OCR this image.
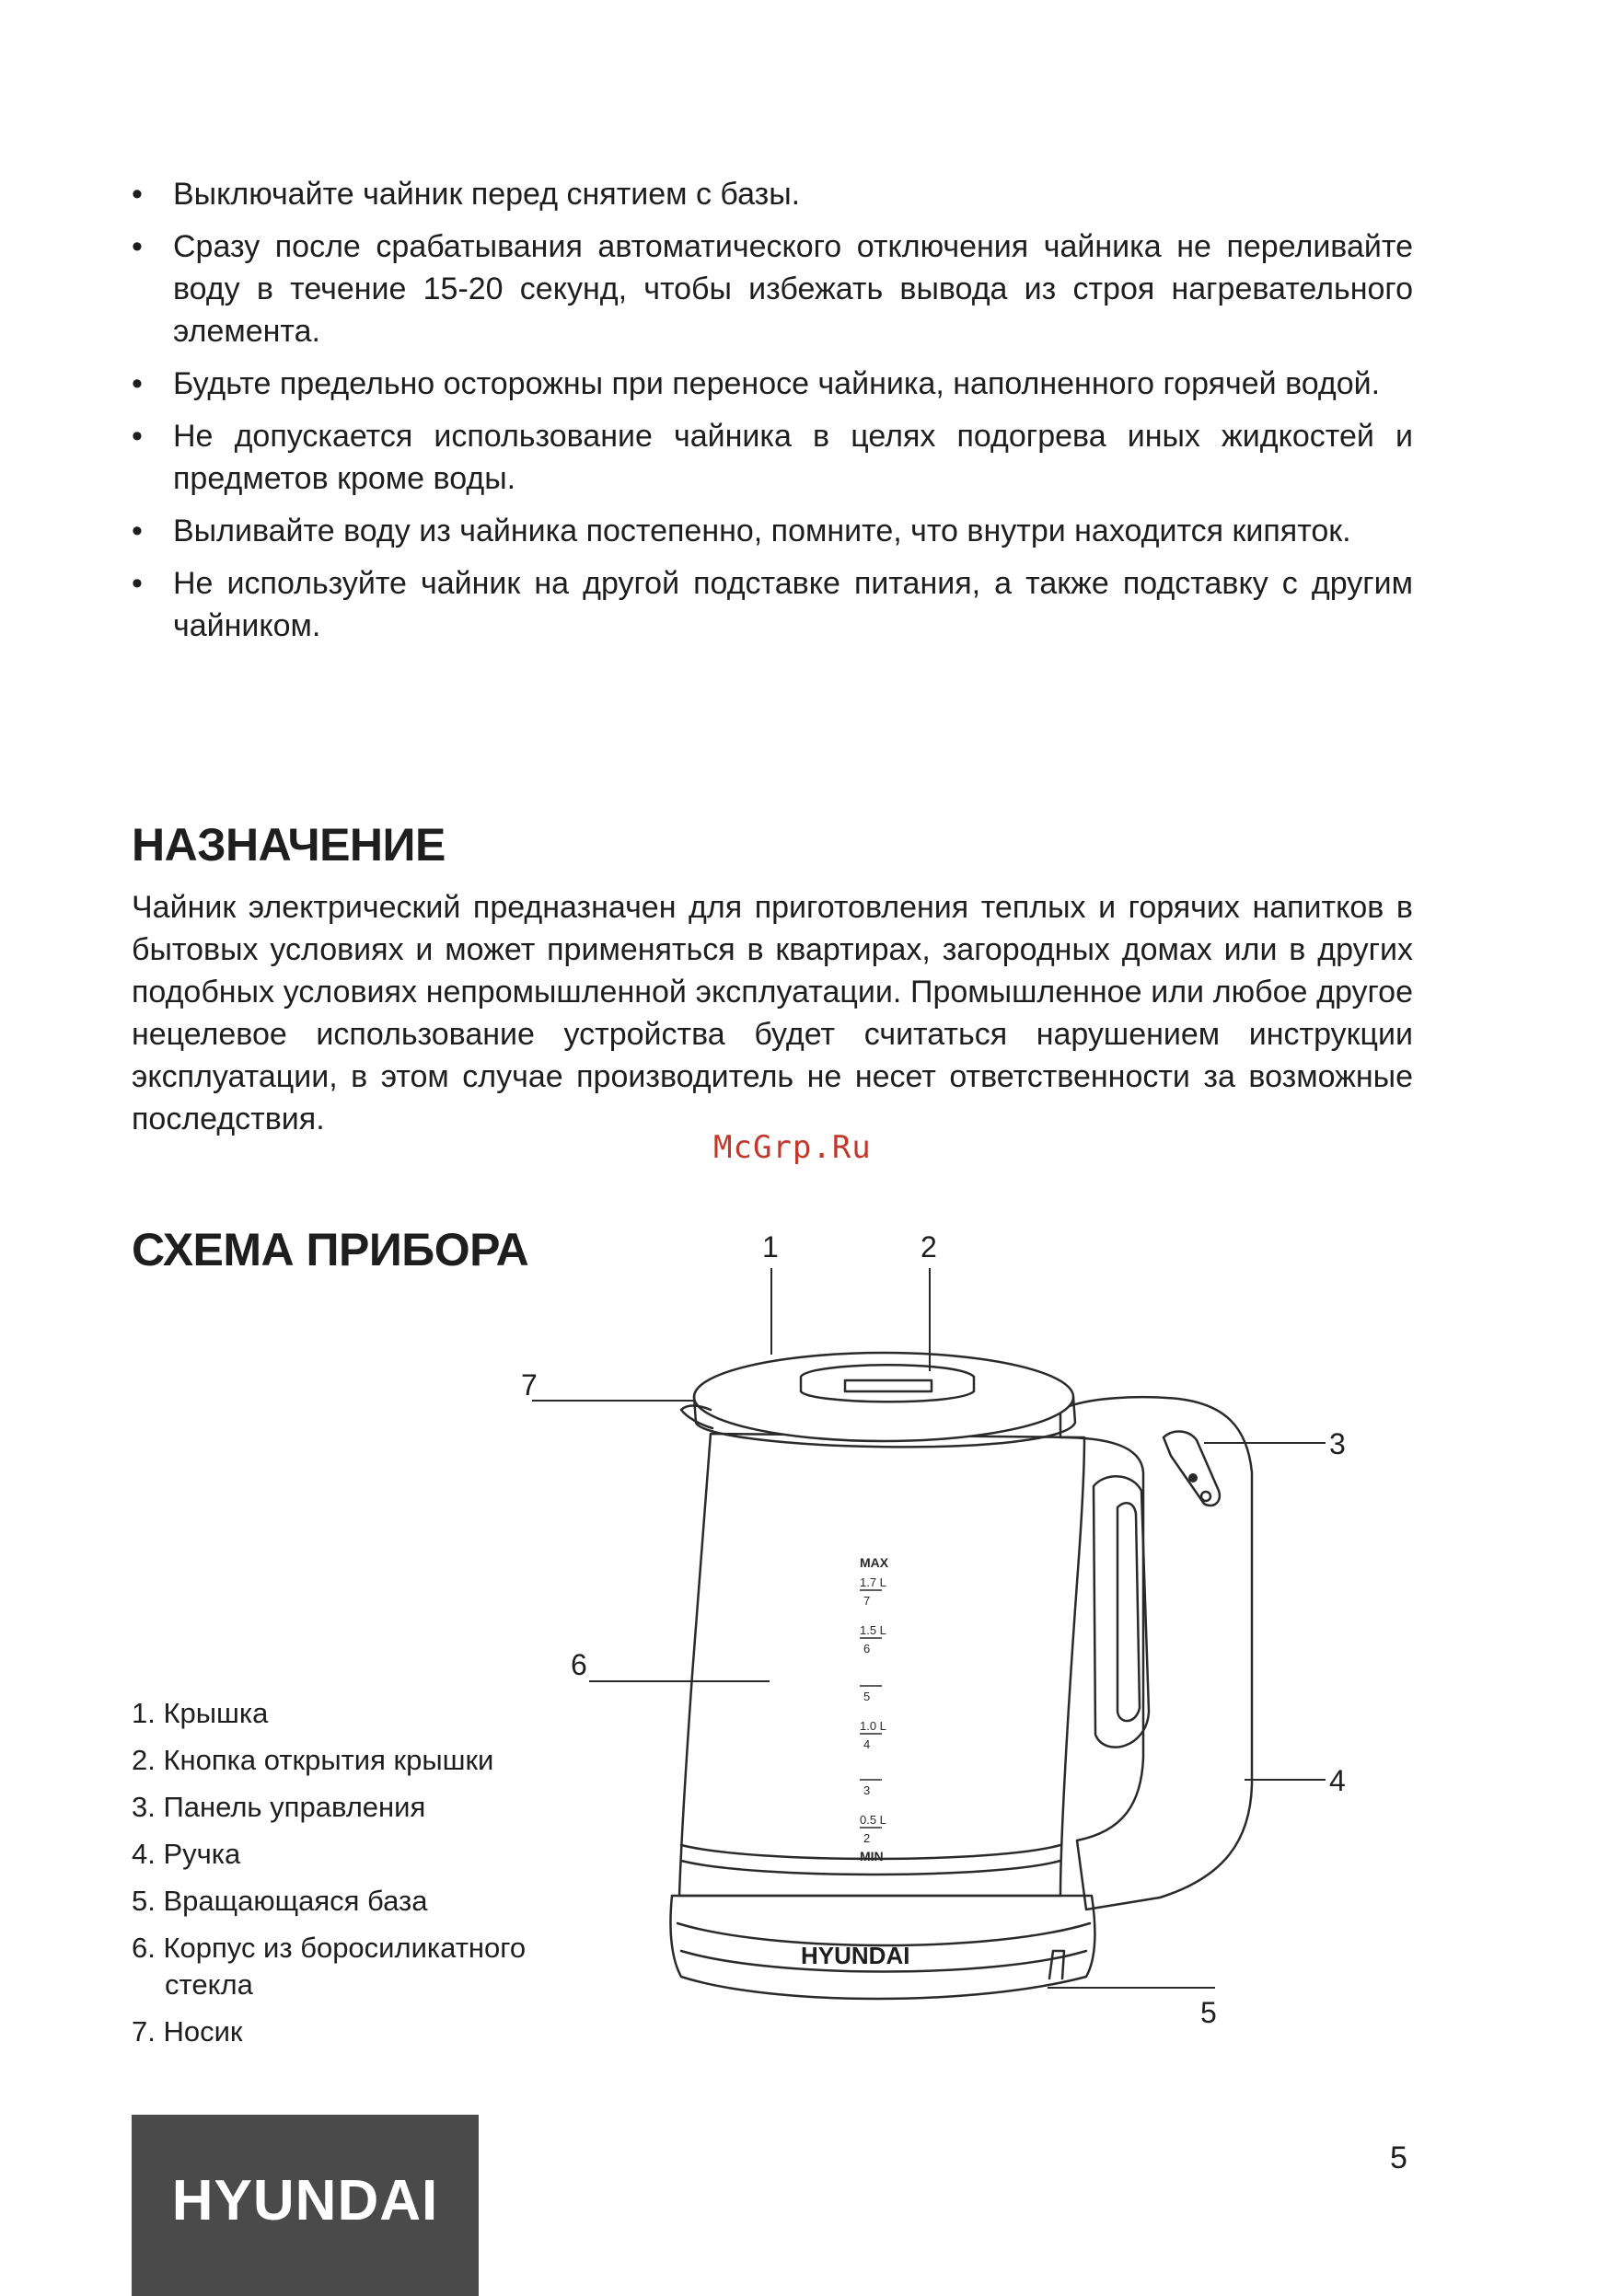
• Выключайте чайник перед снятием с базы.
• Сразу после срабатывания автоматического отключения чайника не переливайте воду в течение 15-20 секунд, чтобы избежать вывода из строя нагревательного элемента.
• Будьте предельно осторожны при переносе чайника, наполненного горячей водой.
• Не допускается использование чайника в целях подогрева иных жидкостей и предметов кроме воды.
• Выливайте воду из чайника постепенно, помните, что внутри находится кипяток.
• Не используйте чайник на другой подставке питания, а также подставку с другим чайником.
НАЗНАЧЕНИЕ

Чайник электрический предназначен для приготовления теплых и горячих напитков в бытовых условиях и может применяться в квартирах, загородных домах или в других подобных условиях непромышленной эксплуатации. Промышленное или любое другое нецелевое использование устройства будет считаться нарушением инструкции эксплуатации, в этом случае производитель не несет ответственности за возможные последствия.

McGrp.Ru
СХЕМА ПРИБОРА
1. Крышка
2. Кнопка открытия крышки
3. Панель управления
4. Ручка
5. Вращающаяся база
6. Корпус из боросиликатного
стекла
7. Носик
1	2
3
4
5
6
7
MAX
1.7 L
7
1.5 L
6
5
1.0 L
4
3
0.5 L
2
MIN
HYUNDAI
HYUNDAI
5
